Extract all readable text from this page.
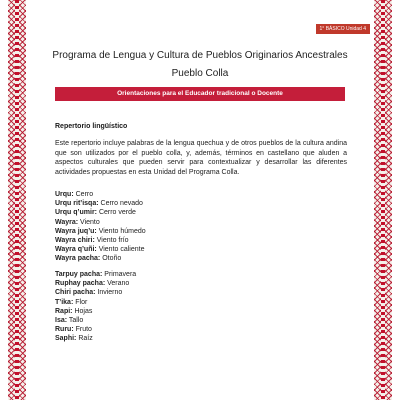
1° BÁSICO Unidad 4
Programa de Lengua y Cultura de Pueblos Originarios Ancestrales
Pueblo Colla
Orientaciones para el Educador tradicional o Docente
Repertorio lingüístico
Este repertorio incluye palabras de la lengua quechua y de otros pueblos de la cultura andina que son utilizados por el pueblo colla, y, además, términos en castellano que aluden a aspectos culturales que pueden servir para contextualizar y desarrollar las diferentes actividades propuestas en esta Unidad del Programa Colla.
Urqu: Cerro
Urqu rit’isqa: Cerro nevado
Urqu q’umir: Cerro verde
Wayra: Viento
Wayra juq’u: Viento húmedo
Wayra chiri: Viento frío
Wayra q’uñi: Viento caliente
Wayra pacha: Otoño
Tarpuy pacha: Primavera
Ruphay pacha: Verano
Chiri pacha: Invierno
T’ika: Flor
Rapi: Hojas
Isa: Tallo
Ruru: Fruto
Saphi: Raíz
